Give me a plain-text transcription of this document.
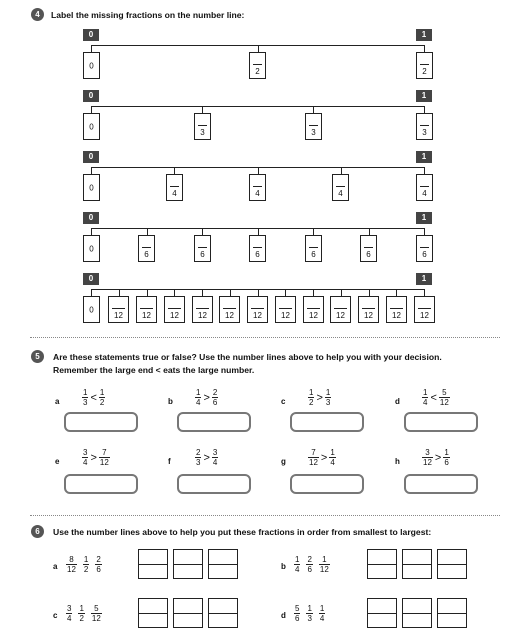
4	Label the missing fractions on the number line:
0	1
0
2	2
0	1
0
3	3	3
0	1
0
4	4	4	4
0	1
0
6	6	6	6	6	6
0	1
0
12	12	12	12	12	12	12	12	12	12	12	12
5	Are these statements true or false? Use the number lines above to help you with your decision.
Remember the large end < eats the large number.
a	$\frac{1}{3} < \frac{1}{2}$	b	$\frac{1}{4} > \frac{2}{6}$	c	$\frac{1}{2} > \frac{1}{3}$	d	$\frac{1}{4} < \frac{5}{12}$
e	$\frac{3}{4} > \frac{7}{12}$	f	$\frac{2}{3} > \frac{3}{4}$	g	$\frac{7}{12} > \frac{1}{4}$	h	$\frac{3}{12} > \frac{1}{6}$
6	Use the number lines above to help you put these fractions in order from smallest to largest:
a $\frac{8}{12} \frac{1}{2} \frac{2}{6}$	b $\frac{1}{4} \frac{2}{6} \frac{1}{12}$
c $\frac{3}{4} \frac{1}{2} \frac{5}{12}$	d $\frac{5}{6} \frac{1}{3} \frac{1}{4}$
